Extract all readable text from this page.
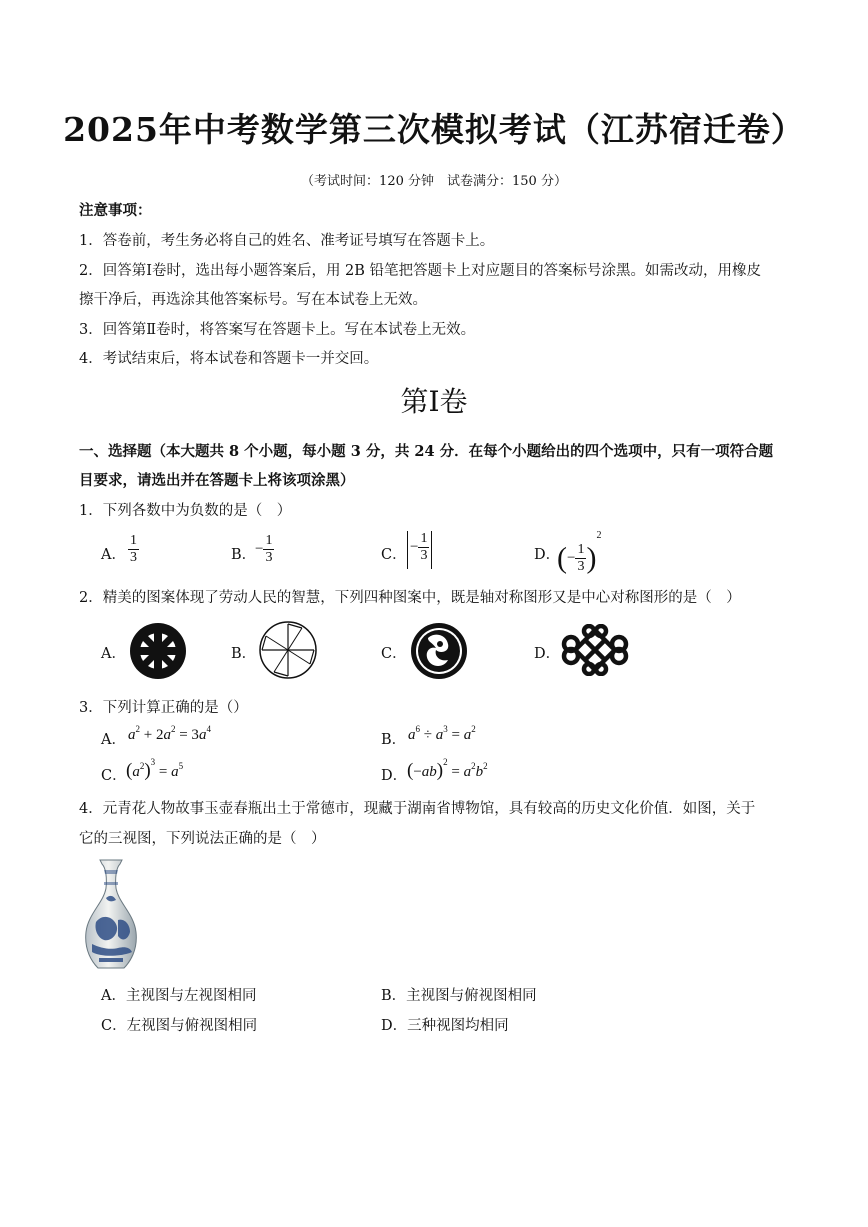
2025年中考数学第三次模拟考试（江苏宿迁卷）
（考试时间：120 分钟　试卷满分：150 分）
注意事项：
1．答卷前，考生务必将自己的姓名、准考证号填写在答题卡上。
2．回答第Ⅰ卷时，选出每小题答案后，用 2B 铅笔把答题卡上对应题目的答案标号涂黑。如需改动，用橡皮
擦干净后，再选涂其他答案标号。写在本试卷上无效。
3．回答第Ⅱ卷时，将答案写在答题卡上。写在本试卷上无效。
4．考试结束后，将本试卷和答题卡一并交回。
第Ⅰ卷
一、选择题（本大题共 8 个小题，每小题 3 分，共 24 分．在每个小题给出的四个选项中，只有一项符合题
目要求，请选出并在答题卡上将该项涂黑）
1．下列各数中为负数的是（　）
A． $\frac{1}{3}$	B．
− $\frac{1}{3}$	C． − $\frac{1}{3}$	D．
(− $\frac{1}{3} )^2$
2．精美的图案体现了劳动人民的智慧，下列四种图案中，既是轴对称图形又是中心对称图形的是（　）
A．	B．	C．	D．
3．下列计算正确的是（）
A． $a^2 + 2a^2 = 3a^4$
B． $a^6 \div a^3 = a^2$
C． $(a^2)^3 = a^5$
D． $(-ab)^2 = a^2b^2$
4．元青花人物故事玉壶春瓶出土于常德市，现藏于湖南省博物馆，具有较高的历史文化价值．如图，关于
它的三视图，下列说法正确的是（　）
A．主视图与左视图相同	B．主视图与俯视图相同
C．左视图与俯视图相同	D．三种视图均相同
